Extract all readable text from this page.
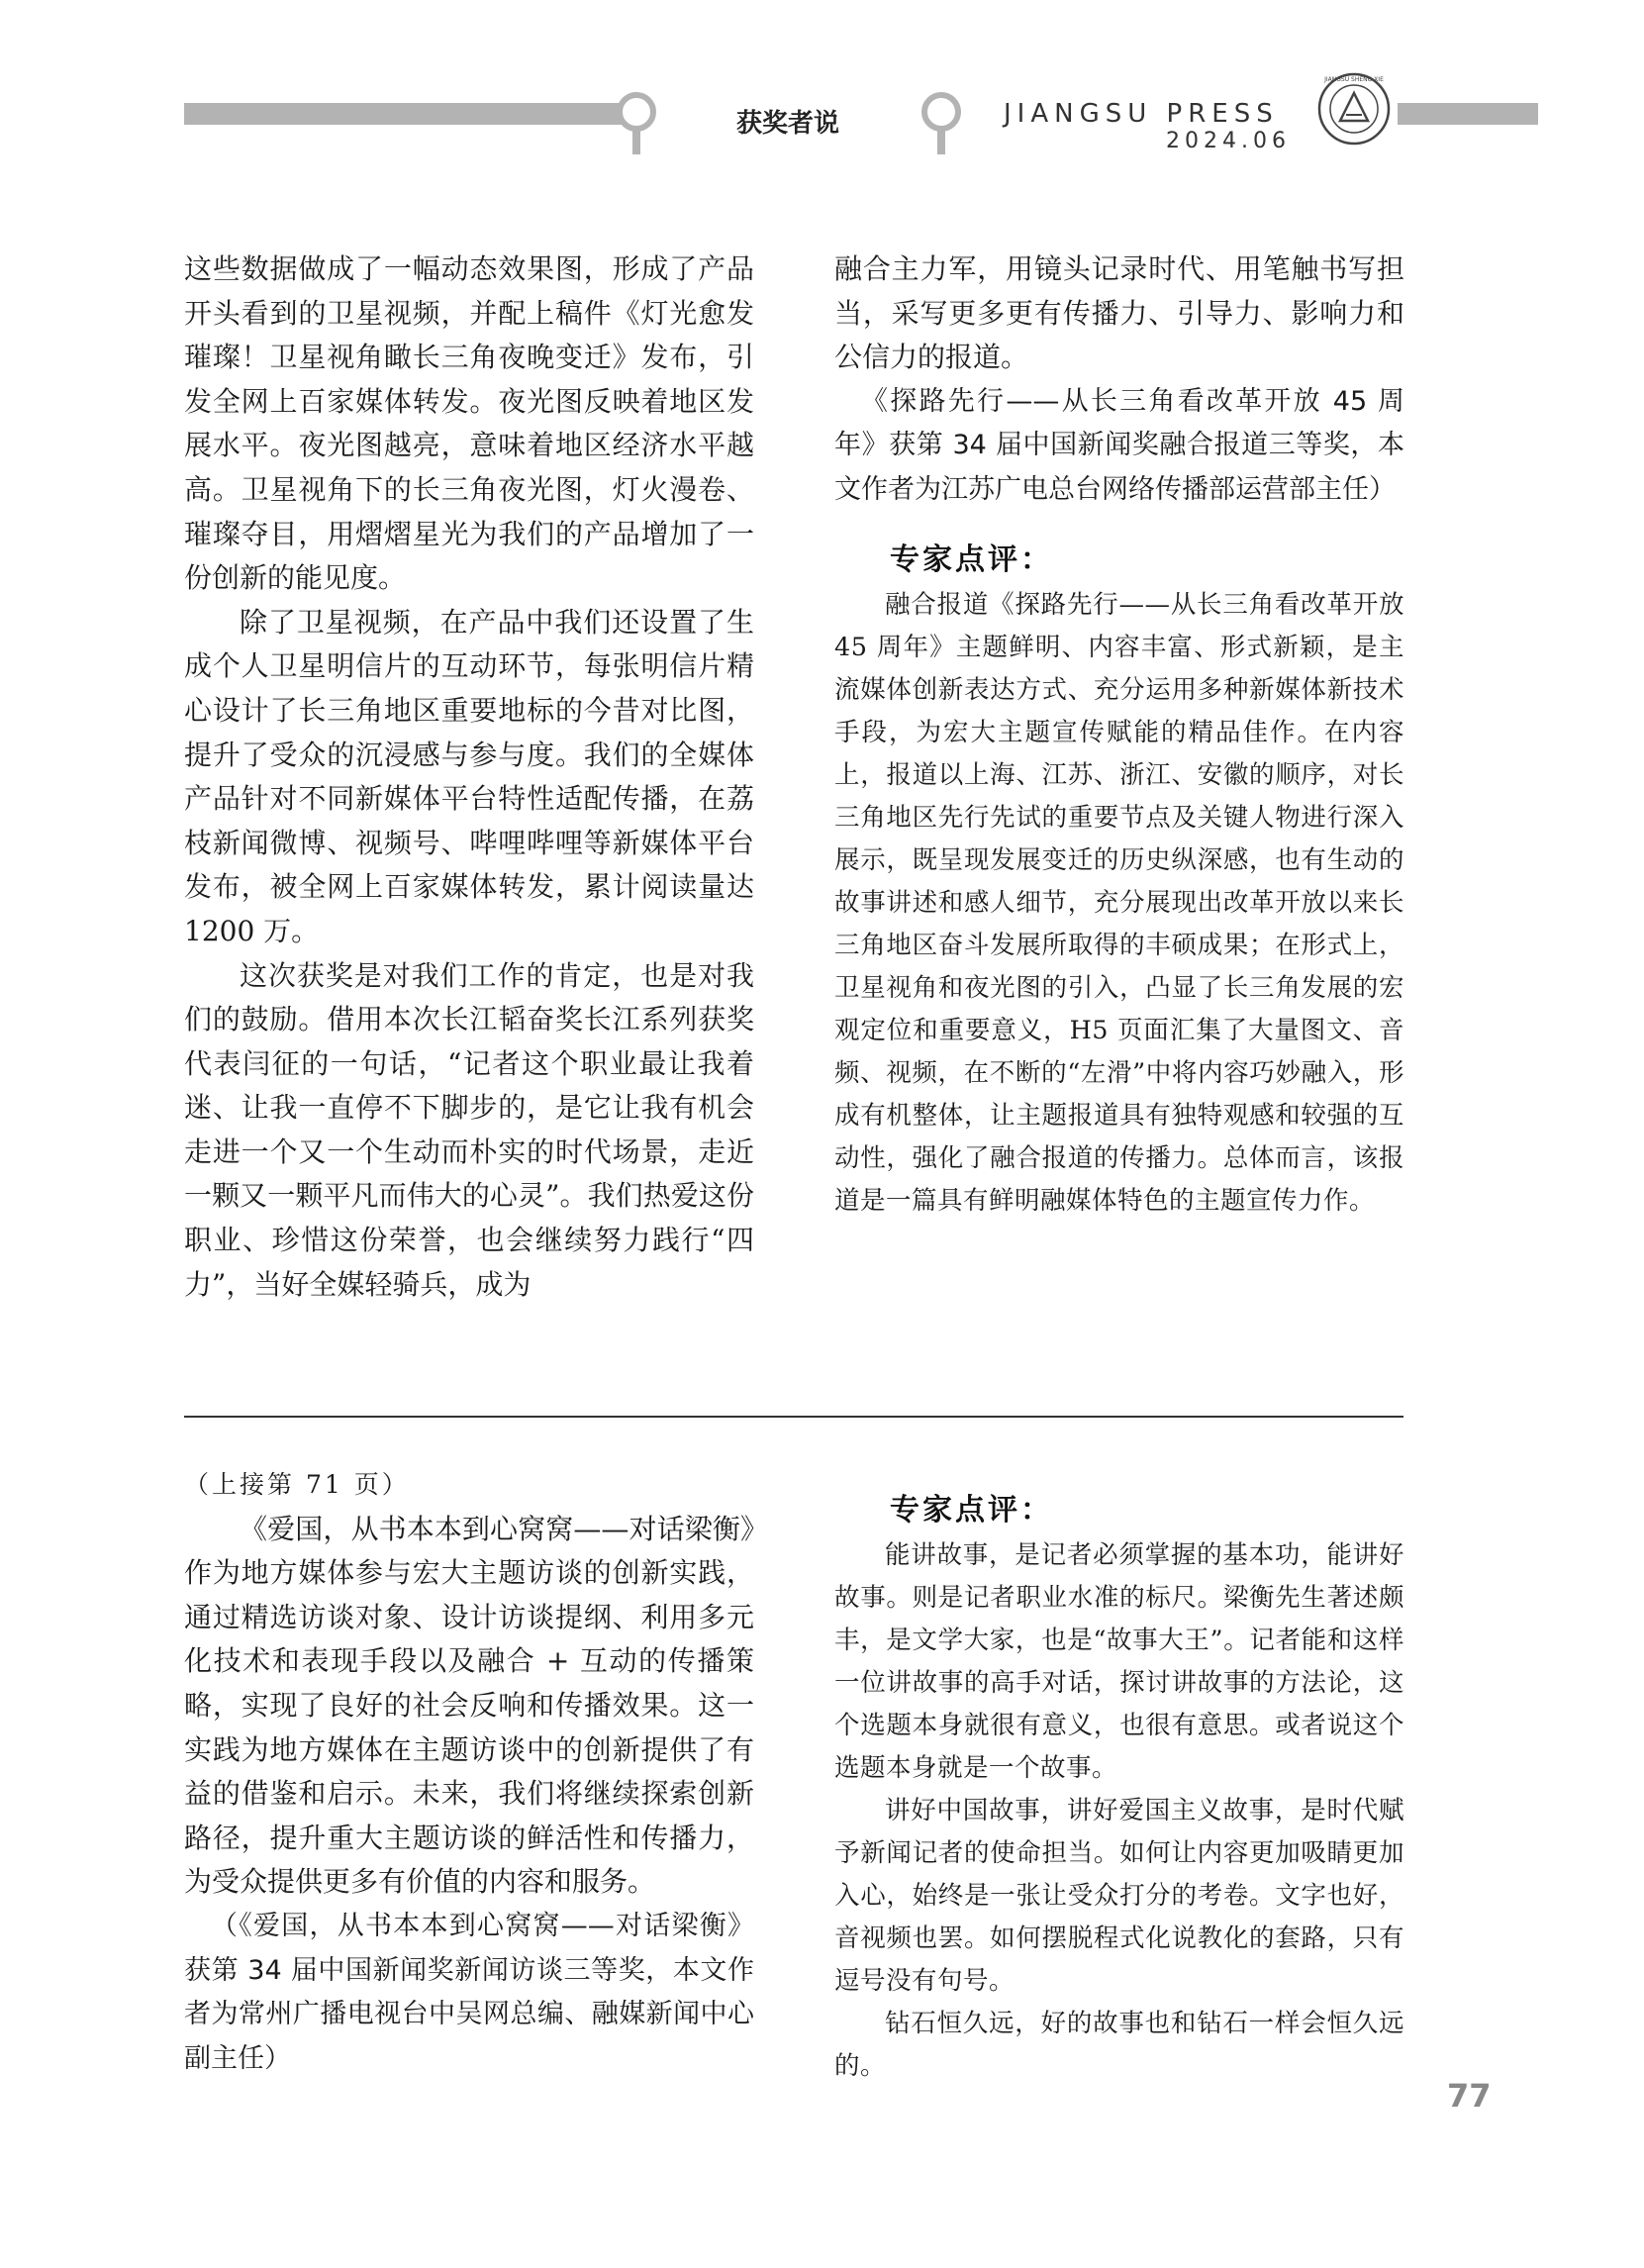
获奖者说	JIANGSU PRESS
2024.06
JIANGSU SHENG XIE

这些数据做成了一幅动态效果图，形成了产品开头看到的卫星视频，并配上稿件《灯光愈发璀璨！卫星视角瞰长三角夜晚变迁》发布，引发全网上百家媒体转发。夜光图反映着地区发展水平。夜光图越亮，意味着地区经济水平越高。卫星视角下的长三角夜光图，灯火漫卷、璀璨夺目，用熠熠星光为我们的产品增加了一份创新的能见度。

除了卫星视频，在产品中我们还设置了生成个人卫星明信片的互动环节，每张明信片精心设计了长三角地区重要地标的今昔对比图，提升了受众的沉浸感与参与度。我们的全媒体产品针对不同新媒体平台特性适配传播，在荔枝新闻微博、视频号、哔哩哔哩等新媒体平台发布，被全网上百家媒体转发，累计阅读量达 1200 万。

这次获奖是对我们工作的肯定，也是对我们的鼓励。借用本次长江韬奋奖长江系列获奖代表闫征的一句话，“记者这个职业最让我着迷、让我一直停不下脚步的，是它让我有机会走进一个又一个生动而朴实的时代场景，走近一颗又一颗平凡而伟大的心灵”。我们热爱这份职业、珍惜这份荣誉，也会继续努力践行“四力”，当好全媒轻骑兵，成为

融合主力军，用镜头记录时代、用笔触书写担当，采写更多更有传播力、引导力、影响力和公信力的报道。

《探路先行——从长三角看改革开放 45 周年》获第 34 届中国新闻奖融合报道三等奖，本文作者为江苏广电总台网络传播部运营部主任）

专家点评：

融合报道《探路先行——从长三角看改革开放 45 周年》主题鲜明、内容丰富、形式新颖，是主流媒体创新表达方式、充分运用多种新媒体新技术手段，为宏大主题宣传赋能的精品佳作。在内容上，报道以上海、江苏、浙江、安徽的顺序，对长三角地区先行先试的重要节点及关键人物进行深入展示，既呈现发展变迁的历史纵深感，也有生动的故事讲述和感人细节，充分展现出改革开放以来长三角地区奋斗发展所取得的丰硕成果；在形式上，卫星视角和夜光图的引入，凸显了长三角发展的宏观定位和重要意义，H5 页面汇集了大量图文、音频、视频，在不断的“左滑”中将内容巧妙融入，形成有机整体，让主题报道具有独特观感和较强的互动性，强化了融合报道的传播力。总体而言，该报道是一篇具有鲜明融媒体特色的主题宣传力作。

（上接第 71 页）

《爱国，从书本本到心窝窝——对话梁衡》作为地方媒体参与宏大主题访谈的创新实践，通过精选访谈对象、设计访谈提纲、利用多元化技术和表现手段以及融合 + 互动的传播策略，实现了良好的社会反响和传播效果。这一实践为地方媒体在主题访谈中的创新提供了有益的借鉴和启示。未来，我们将继续探索创新路径，提升重大主题访谈的鲜活性和传播力，为受众提供更多有价值的内容和服务。

（《爱国，从书本本到心窝窝——对话梁衡》获第 34 届中国新闻奖新闻访谈三等奖，本文作者为常州广播电视台中吴网总编、融媒新闻中心副主任）

专家点评：

能讲故事，是记者必须掌握的基本功，能讲好故事。则是记者职业水准的标尺。梁衡先生著述颇丰，是文学大家，也是“故事大王”。记者能和这样一位讲故事的高手对话，探讨讲故事的方法论，这个选题本身就很有意义，也很有意思。或者说这个选题本身就是一个故事。

讲好中国故事，讲好爱国主义故事，是时代赋予新闻记者的使命担当。如何让内容更加吸睛更加入心，始终是一张让受众打分的考卷。文字也好，音视频也罢。如何摆脱程式化说教化的套路，只有逗号没有句号。

钻石恒久远，好的故事也和钻石一样会恒久远的。

77
